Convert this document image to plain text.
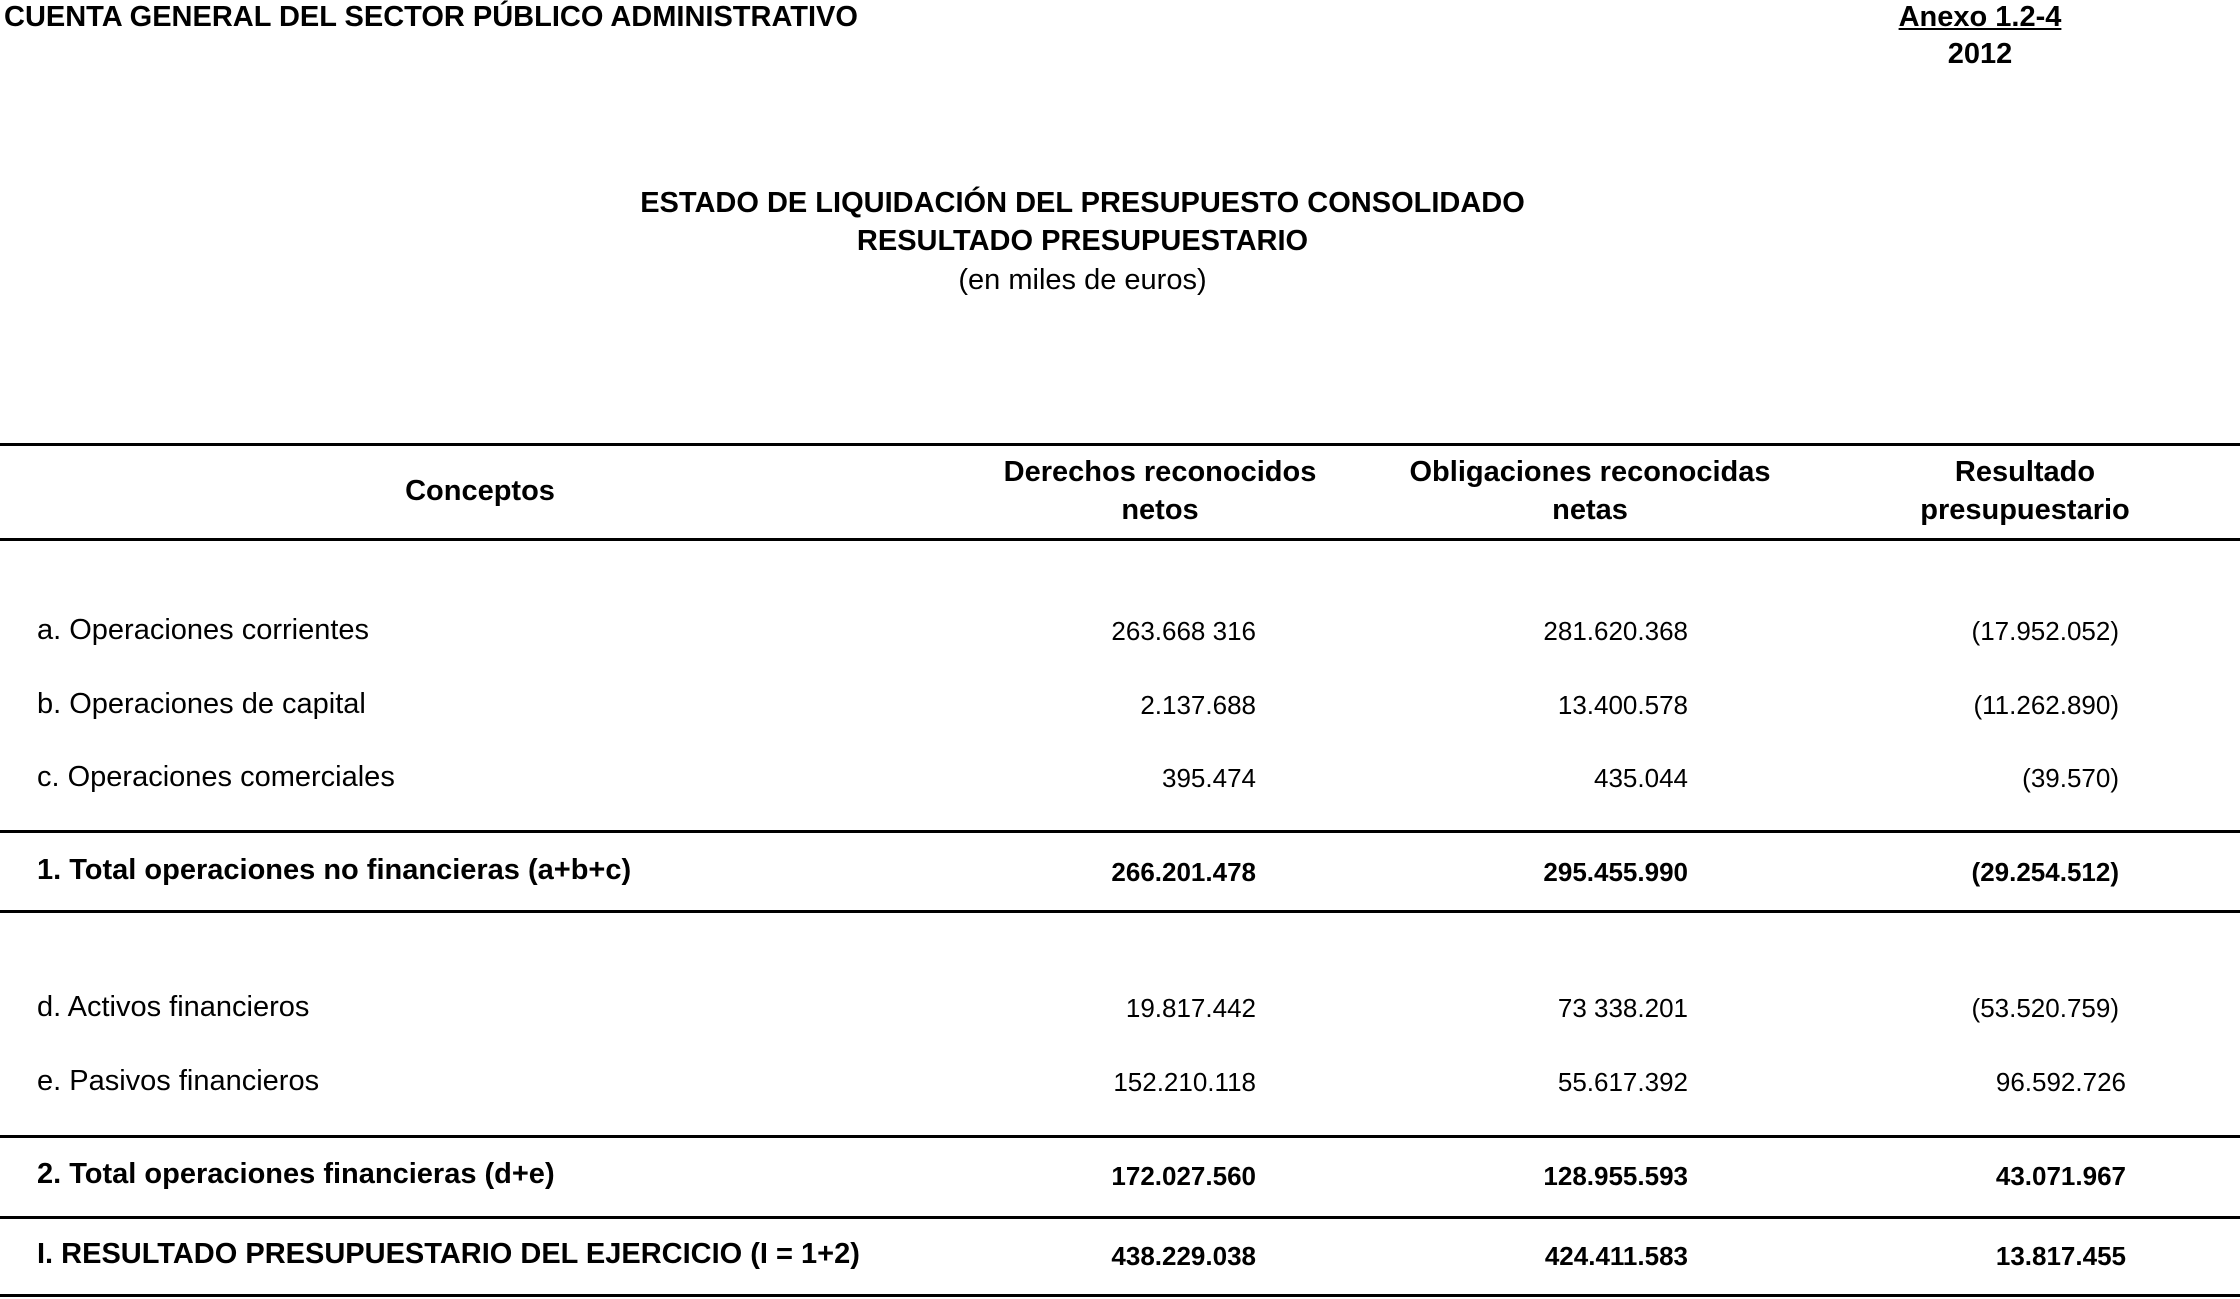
CUENTA GENERAL DEL SECTOR PÚBLICO ADMINISTRATIVO	Anexo 1.2-4
2012
ESTADO DE LIQUIDACIÓN DEL PRESUPUESTO CONSOLIDADO
RESULTADO PRESUPUESTARIO
(en miles de euros)
Conceptos
Derechos reconocidos
netos
Obligaciones reconocidas
netas
Resultado
presupuestario
a. Operaciones corrientes	263.668 316	281.620.368	(17.952.052)
b. Operaciones de capital	2.137.688	13.400.578	(11.262.890)
c. Operaciones comerciales	395.474	435.044	(39.570)
1. Total operaciones no financieras (a+b+c)	266.201.478	295.455.990	(29.254.512)
d. Activos financieros	19.817.442	73 338.201	(53.520.759)
e. Pasivos financieros	152.210.118	55.617.392	96.592.726
2. Total operaciones financieras (d+e)	172.027.560	128.955.593	43.071.967
I. RESULTADO PRESUPUESTARIO DEL EJERCICIO (I = 1+2)	438.229.038	424.411.583	13.817.455
